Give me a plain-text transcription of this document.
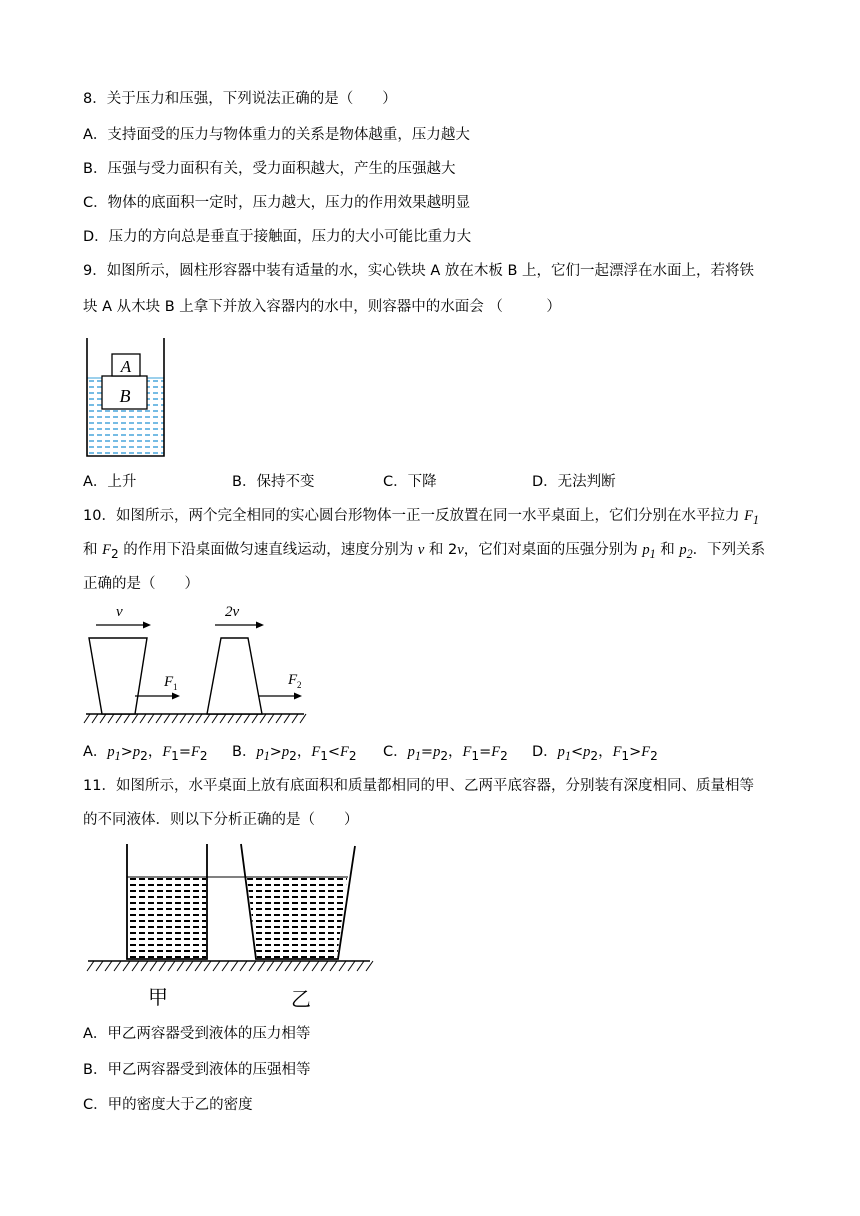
8．关于压力和压强，下列说法正确的是（　　）
A．支持面受的压力与物体重力的关系是物体越重，压力越大
B．压强与受力面积有关，受力面积越大，产生的压强越大
C．物体的底面积一定时，压力越大，压力的作用效果越明显
D．压力的方向总是垂直于接触面，压力的大小可能比重力大
9．如图所示，圆柱形容器中装有适量的水，实心铁块 A 放在木板 B 上，它们一起漂浮在水面上，若将铁
块 A 从木块 B 上拿下并放入容器内的水中，则容器中的水面会 （　　　）
A
B
A．上升	B．保持不变	C．下降	D．无法判断
10．如图所示，两个完全相同的实心圆台形物体一正一反放置在同一水平桌面上，它们分别在水平拉力 $F_1$
和 $F_2$ 的作用下沿桌面做匀速直线运动，速度分别为 v 和 2v，它们对桌面的压强分别为 $p_1$ 和 $p_2$．下列关系
正确的是（　　）
v	2v
F 1	F 2
A．$p_1>p_2$，$F_1=F_2$ B．$p_1>p_2$，$F_1<F_2$ C．$p_1=p_2$，$F_1=F_2$ D．$p_1<p_2$，$F_1>F_2$
11．如图所示，水平桌面上放有底面积和质量都相同的甲、乙两平底容器，分别装有深度相同、质量相等
的不同液体．则以下分析正确的是（　　）
甲	乙
A．甲乙两容器受到液体的压力相等
B．甲乙两容器受到液体的压强相等
C．甲的密度大于乙的密度
